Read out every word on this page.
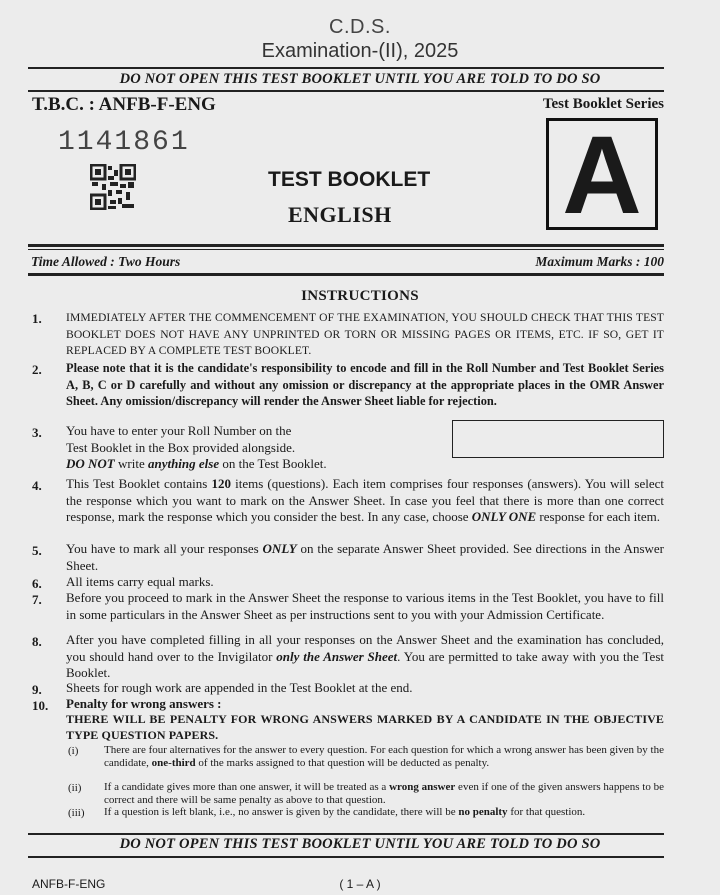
C.D.S.
Examination-(II), 2025
DO NOT OPEN THIS TEST BOOKLET UNTIL YOU ARE TOLD TO DO SO
T.B.C. : ANFB-F-ENG	Test Booklet Series
1141861
TEST BOOKLET
ENGLISH A
Time Allowed : Two Hours	Maximum Marks : 100
INSTRUCTIONS
1. IMMEDIATELY AFTER THE COMMENCEMENT OF THE EXAMINATION, YOU SHOULD CHECK THAT THIS TEST BOOKLET DOES NOT HAVE ANY UNPRINTED OR TORN OR MISSING PAGES OR ITEMS, ETC. IF SO, GET IT REPLACED BY A COMPLETE TEST BOOKLET.
2. Please note that it is the candidate's responsibility to encode and fill in the Roll Number and Test Booklet Series A, B, C or D carefully and without any omission or discrepancy at the appropriate places in the OMR Answer Sheet. Any omission/discrepancy will render the Answer Sheet liable for rejection.
3. You have to enter your Roll Number on the
Test Booklet in the Box provided alongside.
DO NOT write anything else on the Test Booklet.
4. This Test Booklet contains 120 items (questions). Each item comprises four responses (answers). You will select the response which you want to mark on the Answer Sheet. In case you feel that there is more than one correct response, mark the response which you consider the best. In any case, choose ONLY ONE response for each item.
5. You have to mark all your responses ONLY on the separate Answer Sheet provided. See directions in the Answer Sheet.
6. All items carry equal marks.
7. Before you proceed to mark in the Answer Sheet the response to various items in the Test Booklet, you have to fill in some particulars in the Answer Sheet as per instructions sent to you with your Admission Certificate.
8. After you have completed filling in all your responses on the Answer Sheet and the examination has concluded, you should hand over to the Invigilator only the Answer Sheet. You are permitted to take away with you the Test Booklet.
9. Sheets for rough work are appended in the Test Booklet at the end.
10. Penalty for wrong answers :
THERE WILL BE PENALTY FOR WRONG ANSWERS MARKED BY A CANDIDATE IN THE OBJECTIVE TYPE QUESTION PAPERS.
(i) There are four alternatives for the answer to every question. For each question for which a wrong answer has been given by the candidate, one-third of the marks assigned to that question will be deducted as penalty.
(ii) If a candidate gives more than one answer, it will be treated as a wrong answer even if one of the given answers happens to be correct and there will be same penalty as above to that question.
(iii) If a question is left blank, i.e., no answer is given by the candidate, there will be no penalty for that question.
DO NOT OPEN THIS TEST BOOKLET UNTIL YOU ARE TOLD TO DO SO
ANFB-F-ENG	( 1 – A )
